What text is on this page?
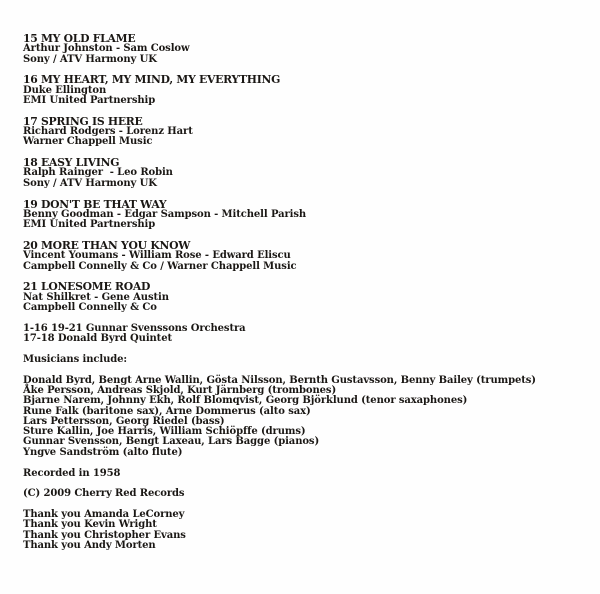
15 MY OLD FLAME
Arthur Johnston - Sam Coslow
Sony / ATV Harmony UK
16 MY HEART, MY MIND, MY EVERYTHING
Duke Ellington
EMI United Partnership
17 SPRING IS HERE
Richard Rodgers - Lorenz Hart
Warner Chappell Music
18 EASY LIVING
Ralph Rainger  - Leo Robin
Sony / ATV Harmony UK
19 DON'T BE THAT WAY
Benny Goodman - Edgar Sampson - Mitchell Parish
EMI United Partnership
20 MORE THAN YOU KNOW
Vincent Youmans - William Rose - Edward Eliscu
Campbell Connelly & Co / Warner Chappell Music
21 LONESOME ROAD
Nat Shilkret - Gene Austin
Campbell Connelly & Co
1-16 19-21 Gunnar Svenssons Orchestra
17-18 Donald Byrd Quintet
Musicians include:
Donald Byrd, Bengt Arne Wallin, Gösta Nilsson, Bernth Gustavsson, Benny Bailey (trumpets)
Åke Persson, Andreas Skjold, Kurt Järnberg (trombones)
Bjarne Narem, Johnny Ekh, Rolf Blomqvist, Georg Björklund (tenor saxaphones)
Rune Falk (baritone sax), Arne Dommerus (alto sax)
Lars Pettersson, Georg Riedel (bass)
Sture Kallin, Joe Harris, William Schiöpffe (drums)
Gunnar Svensson, Bengt Laxeau, Lars Bagge (pianos)
Yngve Sandström (alto flute)
Recorded in 1958
(C) 2009 Cherry Red Records
Thank you Amanda LeCorney
Thank you Kevin Wright
Thank you Christopher Evans
Thank you Andy Morten
